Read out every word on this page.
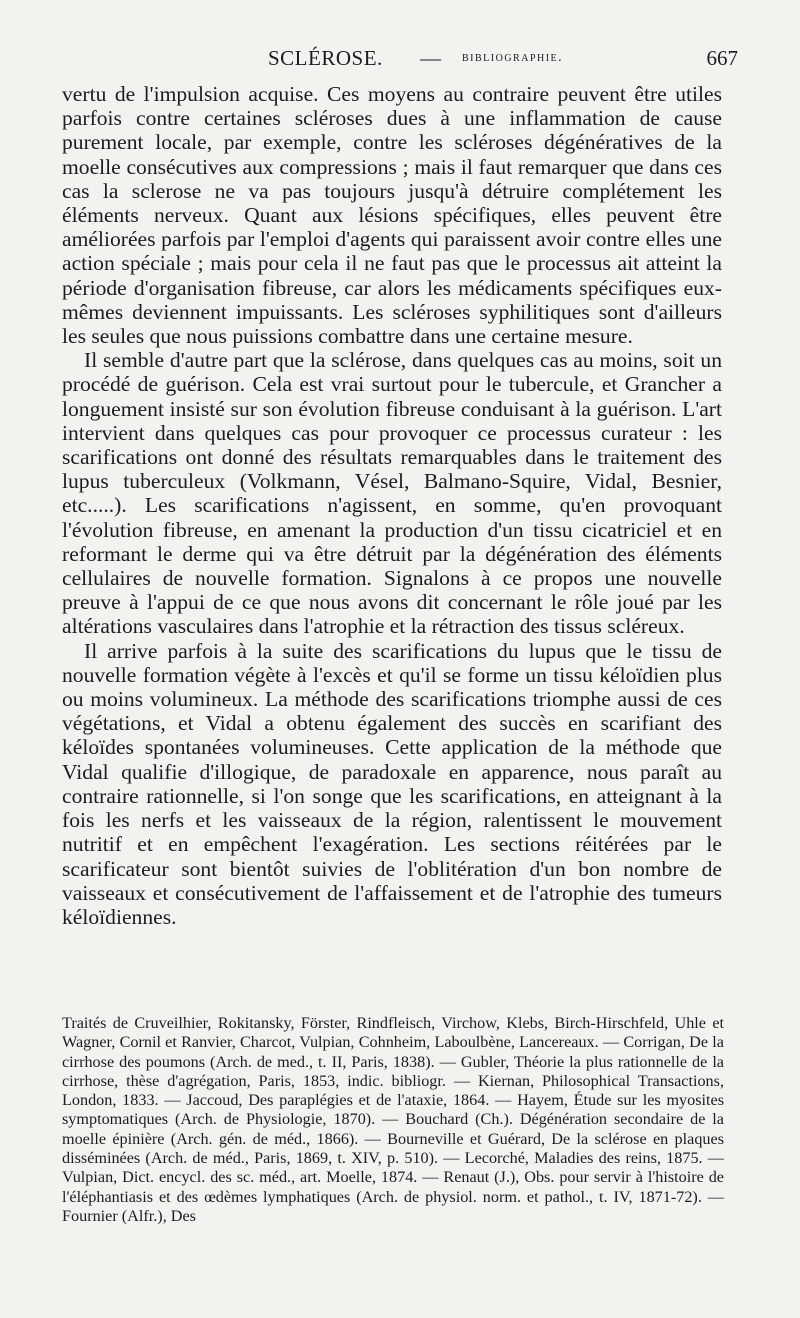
SCLÉROSE. — bibliographie.	667

vertu de l'impulsion acquise. Ces moyens au contraire peuvent être utiles parfois contre certaines scléroses dues à une inflammation de cause purement locale, par exemple, contre les scléroses dégénératives de la moelle consécutives aux compressions ; mais il faut remarquer que dans ces cas la sclerose ne va pas toujours jusqu'à détruire complétement les éléments nerveux. Quant aux lésions spécifiques, elles peuvent être améliorées parfois par l'emploi d'agents qui paraissent avoir contre elles une action spéciale ; mais pour cela il ne faut pas que le processus ait atteint la période d'organisation fibreuse, car alors les médicaments spécifiques eux-mêmes deviennent impuissants. Les scléroses syphilitiques sont d'ailleurs les seules que nous puissions combattre dans une certaine mesure.

Il semble d'autre part que la sclérose, dans quelques cas au moins, soit un procédé de guérison. Cela est vrai surtout pour le tubercule, et Grancher a longuement insisté sur son évolution fibreuse conduisant à la guérison. L'art intervient dans quelques cas pour provoquer ce processus curateur : les scarifications ont donné des résultats remarquables dans le traitement des lupus tuberculeux (Volkmann, Vésel, Balmano-Squire, Vidal, Besnier, etc.....). Les scarifications n'agissent, en somme, qu'en provoquant l'évolution fibreuse, en amenant la production d'un tissu cicatriciel et en reformant le derme qui va être détruit par la dégénération des éléments cellulaires de nouvelle formation. Signalons à ce propos une nouvelle preuve à l'appui de ce que nous avons dit concernant le rôle joué par les altérations vasculaires dans l'atrophie et la rétraction des tissus scléreux.

Il arrive parfois à la suite des scarifications du lupus que le tissu de nouvelle formation végète à l'excès et qu'il se forme un tissu kéloïdien plus ou moins volumineux. La méthode des scarifications triomphe aussi de ces végétations, et Vidal a obtenu également des succès en scarifiant des kéloïdes spontanées volumineuses. Cette application de la méthode que Vidal qualifie d'illogique, de paradoxale en apparence, nous paraît au contraire rationnelle, si l'on songe que les scarifications, en atteignant à la fois les nerfs et les vaisseaux de la région, ralentissent le mouvement nutritif et en empêchent l'exagération. Les sections réitérées par le scarificateur sont bientôt suivies de l'oblitération d'un bon nombre de vaisseaux et consécutivement de l'affaissement et de l'atrophie des tumeurs kéloïdiennes.

Traités de Cruveilhier, Rokitansky, Förster, Rindfleisch, Virchow, Klebs, Birch-Hirschfeld, Uhle et Wagner, Cornil et Ranvier, Charcot, Vulpian, Cohnheim, Laboulbène, Lancereaux. — Corrigan, De la cirrhose des poumons (Arch. de med., t. II, Paris, 1838). — Gubler, Théorie la plus rationnelle de la cirrhose, thèse d'agrégation, Paris, 1853, indic. bibliogr. — Kiernan, Philosophical Transactions, London, 1833. — Jaccoud, Des paraplégies et de l'ataxie, 1864. — Hayem, Étude sur les myosites symptomatiques (Arch. de Physiologie, 1870). — Bouchard (Ch.). Dégénération secondaire de la moelle épinière (Arch. gén. de méd., 1866). — Bourneville et Guérard, De la sclérose en plaques disséminées (Arch. de méd., Paris, 1869, t. XIV, p. 510). — Lecorché, Maladies des reins, 1875. — Vulpian, Dict. encycl. des sc. méd., art. Moelle, 1874. — Renaut (J.), Obs. pour servir à l'histoire de l'éléphantiasis et des œdèmes lymphatiques (Arch. de physiol. norm. et pathol., t. IV, 1871-72). — Fournier (Alfr.), Des
